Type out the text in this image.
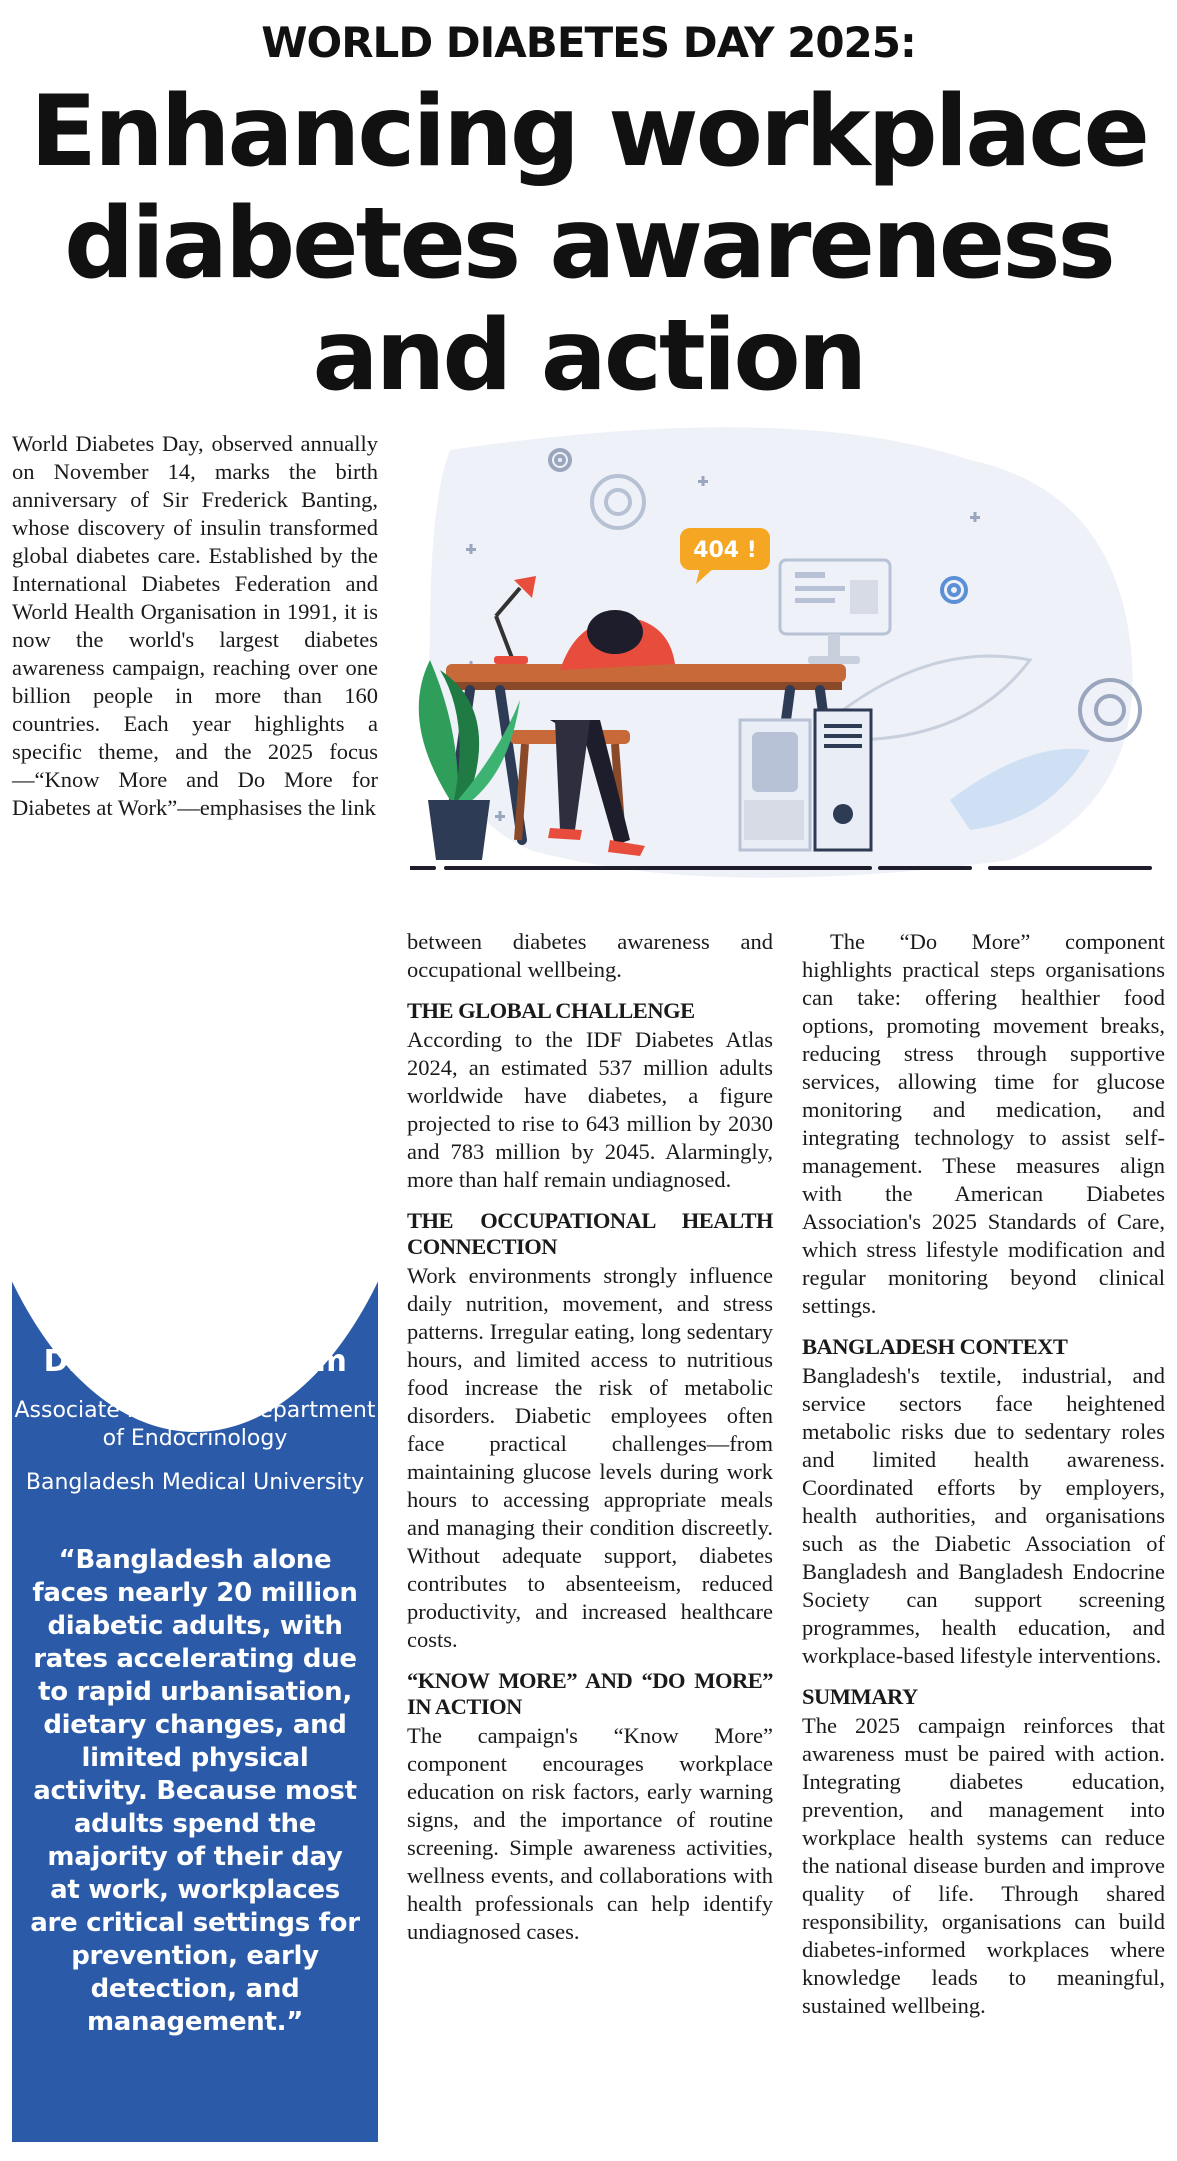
WORLD DIABETES DAY 2025:
Enhancing workplace
diabetes awareness
and action

World Diabetes Day, observed annually on November 14, marks the birth anniversary of Sir Frederick Banting, whose discovery of insulin transformed global diabetes care. Established by the International Diabetes Federation and World Health Organisation in 1991, it is now the world's largest diabetes awareness campaign, reaching over one billion people in more than 160 countries. Each year highlights a specific theme, and the 2025 focus—“Know More and Do More for Diabetes at Work”—emphasises the link

404 !
Dr Shahjada Selim
Associate Professor, Department of Endocrinology
Bangladesh Medical University
“Bangladesh alone faces nearly 20 million diabetic adults, with rates accelerating due to rapid urbanisation, dietary changes, and limited physical activity. Because most adults spend the majority of their day at work, workplaces are critical settings for prevention, early detection, and management.”

between diabetes awareness and occupational wellbeing.

THE GLOBAL CHALLENGE

According to the IDF Diabetes Atlas 2024, an estimated 537 million adults worldwide have diabetes, a figure projected to rise to 643 million by 2030 and 783 million by 2045. Alarmingly, more than half remain undiagnosed.

THE OCCUPATIONAL HEALTH CONNECTION

Work environments strongly influence daily nutrition, movement, and stress patterns. Irregular eating, long sedentary hours, and limited access to nutritious food increase the risk of metabolic disorders. Diabetic employees often face practical challenges—from maintaining glucose levels during work hours to accessing appropriate meals and managing their condition discreetly. Without adequate support, diabetes contributes to absenteeism, reduced productivity, and increased healthcare costs.

“KNOW MORE” AND “DO MORE” IN ACTION

The campaign's “Know More” component encourages workplace education on risk factors, early warning signs, and the importance of routine screening. Simple awareness activities, wellness events, and collaborations with health professionals can help identify undiagnosed cases.

The “Do More” component highlights practical steps organisations can take: offering healthier food options, promoting movement breaks, reducing stress through supportive services, allowing time for glucose monitoring and medication, and integrating technology to assist self-management. These measures align with the American Diabetes Association's 2025 Standards of Care, which stress lifestyle modification and regular monitoring beyond clinical settings.

BANGLADESH CONTEXT

Bangladesh's textile, industrial, and service sectors face heightened metabolic risks due to sedentary roles and limited health awareness. Coordinated efforts by employers, health authorities, and organisations such as the Diabetic Association of Bangladesh and Bangladesh Endocrine Society can support screening programmes, health education, and workplace-based lifestyle interventions.

SUMMARY

The 2025 campaign reinforces that awareness must be paired with action. Integrating diabetes education, prevention, and management into workplace health systems can reduce the national disease burden and improve quality of life. Through shared responsibility, organisations can build diabetes-informed workplaces where knowledge leads to meaningful, sustained wellbeing.
